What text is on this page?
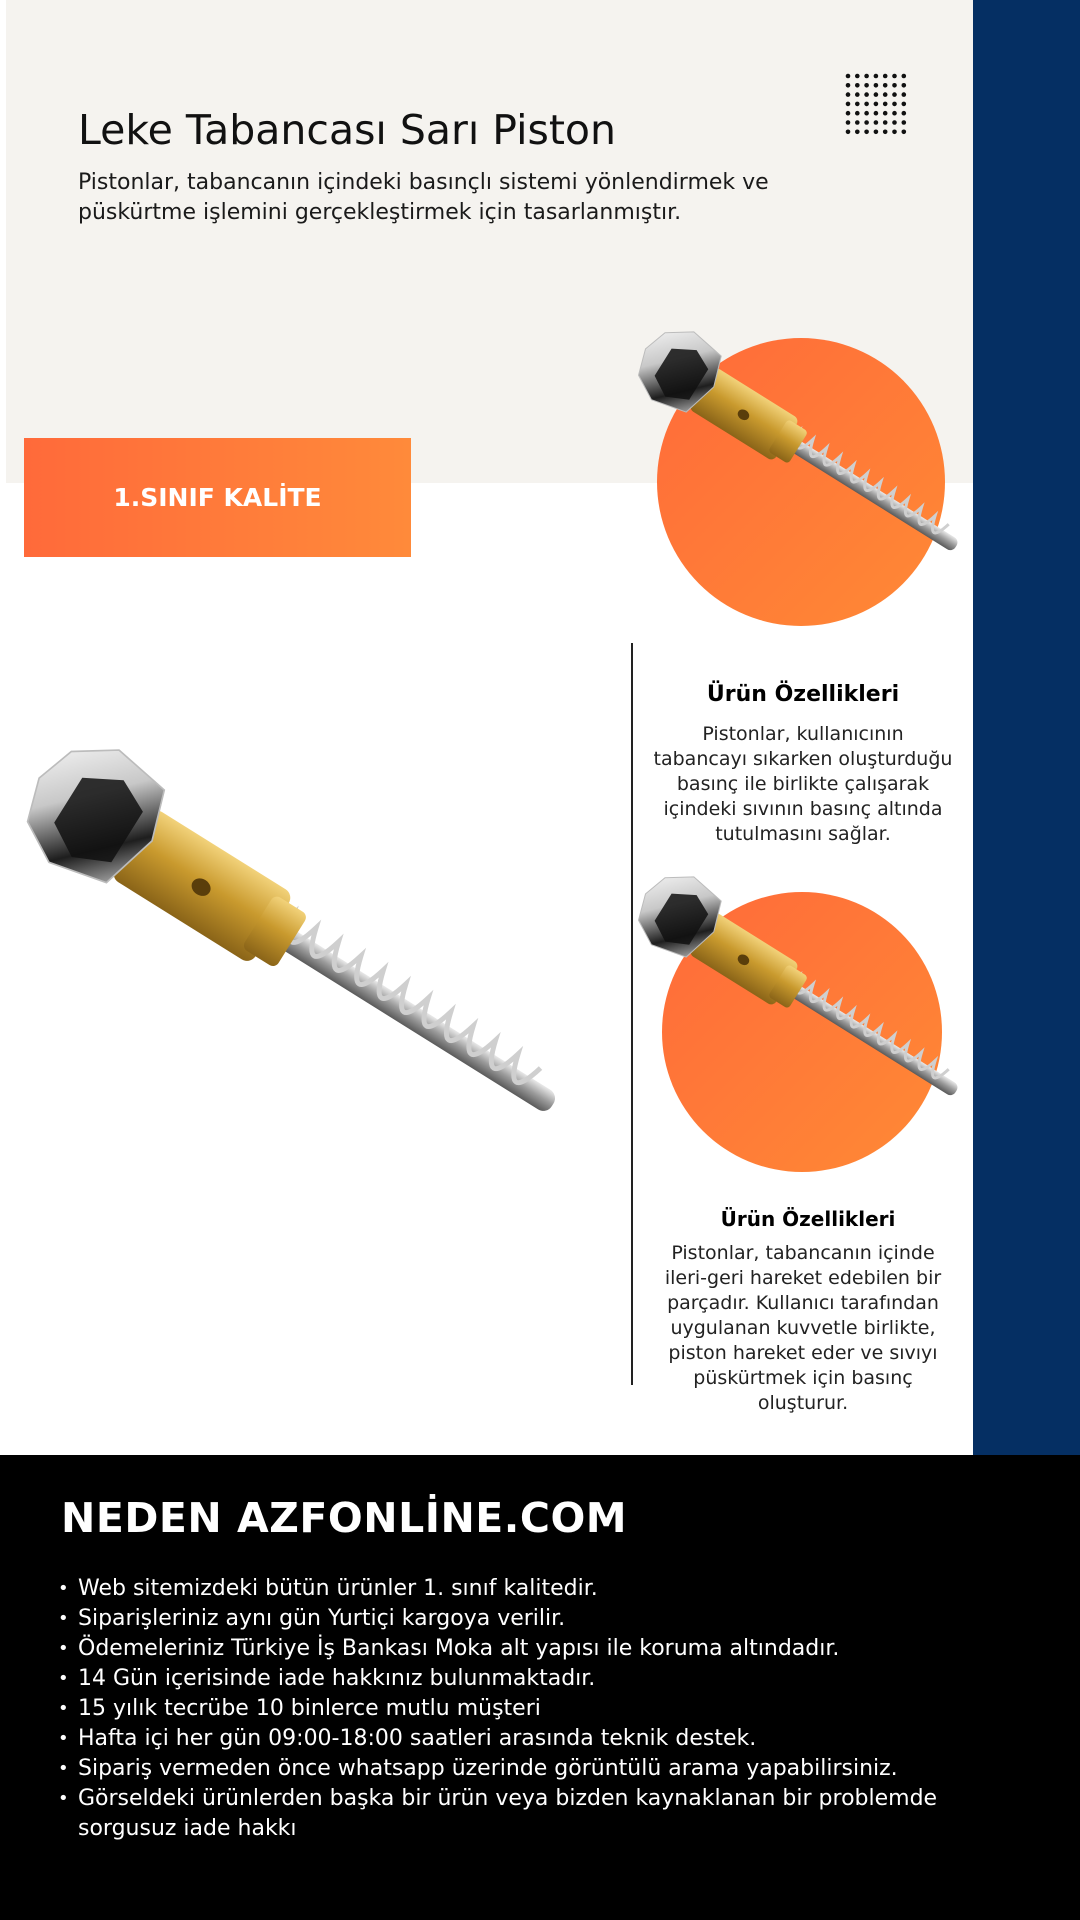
Leke Tabancası Sarı Piston

Pistonlar, tabancanın içindeki basınçlı sistemi yönlendirmek ve püskürtme işlemini gerçekleştirmek için tasarlanmıştır.

1.SINIF KALİTE

Ürün Özellikleri

Pistonlar, kullanıcının tabancayı sıkarken oluşturduğu basınç ile birlikte çalışarak içindeki sıvının basınç altında tutulmasını sağlar.

Ürün Özellikleri

Pistonlar, tabancanın içinde ileri-geri hareket edebilen bir parçadır. Kullanıcı tarafından uygulanan kuvvetle birlikte, piston hareket eder ve sıvıyı püskürtmek için basınç oluşturur.

NEDEN AZFONLİNE.COM
• Web sitemizdeki bütün ürünler 1. sınıf kalitedir.
• Siparişleriniz aynı gün Yurtiçi kargoya verilir.
• Ödemeleriniz Türkiye İş Bankası Moka alt yapısı ile koruma altındadır.
• 14 Gün içerisinde iade hakkınız bulunmaktadır.
• 15 yılık tecrübe 10 binlerce mutlu müşteri
• Hafta içi her gün 09:00-18:00 saatleri arasında teknik destek.
• Sipariş vermeden önce whatsapp üzerinde görüntülü arama yapabilirsiniz.
• Görseldeki ürünlerden başka bir ürün veya bizden kaynaklanan bir problemde sorgusuz iade hakkı
